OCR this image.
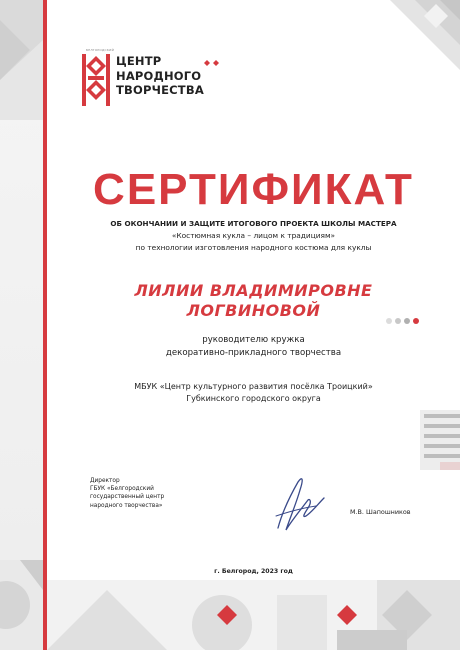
БЕЛГОРОДСКИЙ
ЦЕНТР
НАРОДНОГО
ТВОРЧЕСТВА
СЕРТИФИКАТ
ОБ ОКОНЧАНИИ И ЗАЩИТЕ ИТОГОВОГО ПРОЕКТА ШКОЛЫ МАСТЕРА
«Костюмная кукла – лицом к традициям»
по технологии изготовления народного костюма для куклы
ЛИЛИИ ВЛАДИМИРОВНЕ
ЛОГВИНОВОЙ
руководителю кружка
декоративно-прикладного творчества
МБУК «Центр культурного развития посёлка Троицкий»
Губкинского городского округа
Директор
ГБУК «Белгородский
государственный центр
народного творчества»
М.В. Шапошников
г. Белгород, 2023 год
